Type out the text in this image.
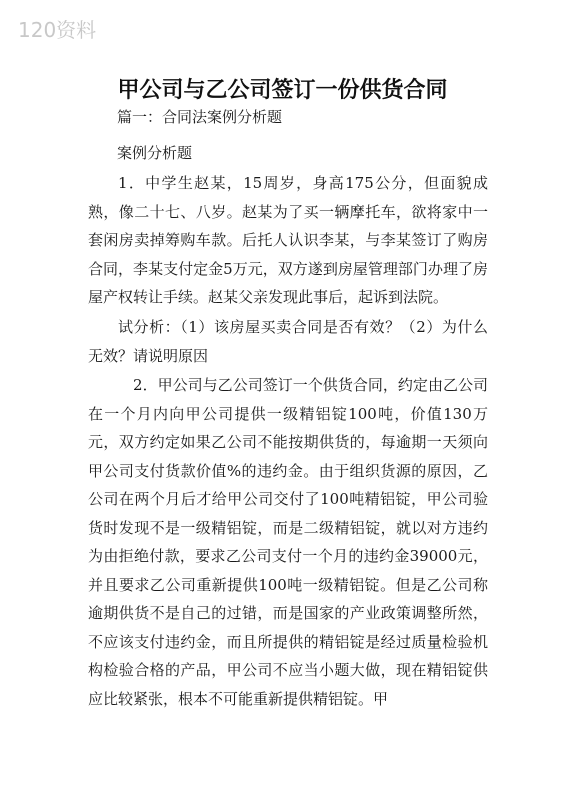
120资料
甲公司与乙公司签订一份供货合同
篇一：合同法案例分析题
案例分析题

1．中学生赵某，15周岁，身高175公分，但面貌成熟，像二十七、八岁。赵某为了买一辆摩托车，欲将家中一套闲房卖掉筹购车款。后托人认识李某，与李某签订了购房合同，李某支付定金5万元，双方遂到房屋管理部门办理了房屋产权转让手续。赵某父亲发现此事后，起诉到法院。

试分析：（1）该房屋买卖合同是否有效？（2）为什么无效？请说明原因

2．甲公司与乙公司签订一个供货合同，约定由乙公司在一个月内向甲公司提供一级精铝锭100吨，价值130万元，双方约定如果乙公司不能按期供货的，每逾期一天须向甲公司支付货款价值%的违约金。由于组织货源的原因，乙公司在两个月后才给甲公司交付了100吨精铝锭，甲公司验货时发现不是一级精铝锭，而是二级精铝锭，就以对方违约为由拒绝付款，要求乙公司支付一个月的违约金39000元，并且要求乙公司重新提供100吨一级精铝锭。但是乙公司称逾期供货不是自己的过错，而是国家的产业政策调整所然，不应该支付违约金，而且所提供的精铝锭是经过质量检验机构检验合格的产品，甲公司不应当小题大做，现在精铝锭供应比较紧张，根本不可能重新提供精铝锭。甲
